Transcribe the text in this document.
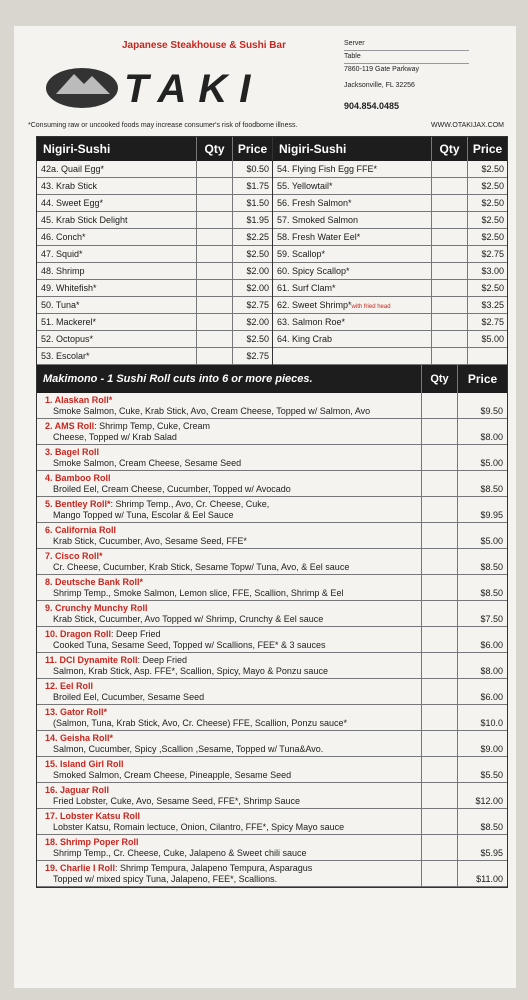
Japanese Steakhouse & Sushi Bar
TAKI
Server
Table
7860-119 Gate Parkway
Jacksonville, FL 32256
904.854.0485
*Consuming raw or uncooked foods may increase consumer's risk of foodborne illness.	WWW.OTAKIJAX.COM
Nigiri-Sushi	Qty	Price
42a. Quail Egg*	$0.50
43. Krab Stick	$1.75
44. Sweet Egg*	$1.50
45. Krab Stick Delight	$1.95
46. Conch*	$2.25
47. Squid*	$2.50
48. Shrimp	$2.00
49. Whitefish*	$2.00
50. Tuna*	$2.75
51. Mackerel*	$2.00
52. Octopus*	$2.50
53. Escolar*	$2.75
Nigiri-Sushi	Qty	Price
54. Flying Fish Egg FFE*	$2.50
55. Yellowtail*	$2.50
56. Fresh Salmon*	$2.50
57. Smoked Salmon	$2.50
58. Fresh Water Eel*	$2.50
59. Scallop*	$2.75
60. Spicy Scallop*	$3.00
61. Surf Clam*	$2.50
62. Sweet Shrimp*with fried head	$3.25
63. Salmon Roe*	$2.75
64. King Crab	$5.00
Makimono - 1 Sushi Roll cuts into 6 or more pieces.	Qty	Price
1. Alaskan Roll*
Smoke Salmon, Cuke, Krab Stick, Avo, Cream Cheese, Topped w/ Salmon, Avo	$9.50
2. AMS Roll: Shrimp Temp, Cuke, Cream
Cheese, Topped w/ Krab Salad	$8.00
3. Bagel Roll
Smoke Salmon, Cream Cheese, Sesame Seed	$5.00
4. Bamboo Roll
Broiled Eel, Cream Cheese, Cucumber, Topped w/ Avocado	$8.50
5. Bentley Roll*: Shrimp Temp., Avo, Cr. Cheese, Cuke,
Mango Topped w/ Tuna, Escolar & Eel Sauce	$9.95
6. California Roll
Krab Stick, Cucumber, Avo, Sesame Seed, FFE*	$5.00
7. Cisco Roll*
Cr. Cheese, Cucumber, Krab Stick, Sesame Topw/ Tuna, Avo, & Eel sauce	$8.50
8. Deutsche Bank Roll*
Shrimp Temp., Smoke Salmon, Lemon slice, FFE, Scallion, Shrimp & Eel	$8.50
9. Crunchy Munchy Roll
Krab Stick, Cucumber, Avo Topped w/ Shrimp, Crunchy & Eel sauce	$7.50
10. Dragon Roll: Deep Fried
Cooked Tuna, Sesame Seed, Topped w/ Scallions, FEE* & 3 sauces	$6.00
11. DCI Dynamite Roll: Deep Fried
Salmon, Krab Stick, Asp. FFE*, Scallion, Spicy, Mayo & Ponzu sauce	$8.00
12. Eel Roll
Broiled Eel, Cucumber, Sesame Seed	$6.00
13. Gator Roll*
(Salmon, Tuna, Krab Stick, Avo, Cr. Cheese) FFE, Scallion, Ponzu sauce*	$10.0
14. Geisha Roll*
Salmon, Cucumber, Spicy ,Scallion ,Sesame, Topped w/ Tuna&Avo.	$9.00
15. Island Girl Roll
Smoked Salmon, Cream Cheese, Pineapple, Sesame Seed	$5.50
16. Jaguar Roll
Fried Lobster, Cuke, Avo, Sesame Seed, FFE*, Shrimp Sauce	$12.00
17. Lobster Katsu Roll
Lobster Katsu, Romain lectuce, Onion, Cilantro, FFE*, Spicy Mayo sauce	$8.50
18. Shrimp Poper Roll
Shrimp Temp., Cr. Cheese, Cuke, Jalapeno & Sweet chili sauce	$5.95
19. Charlie I Roll: Shrimp Tempura, Jalapeno Tempura, Asparagus
Topped w/ mixed spicy Tuna, Jalapeno, FEE*, Scallions.	$11.00
